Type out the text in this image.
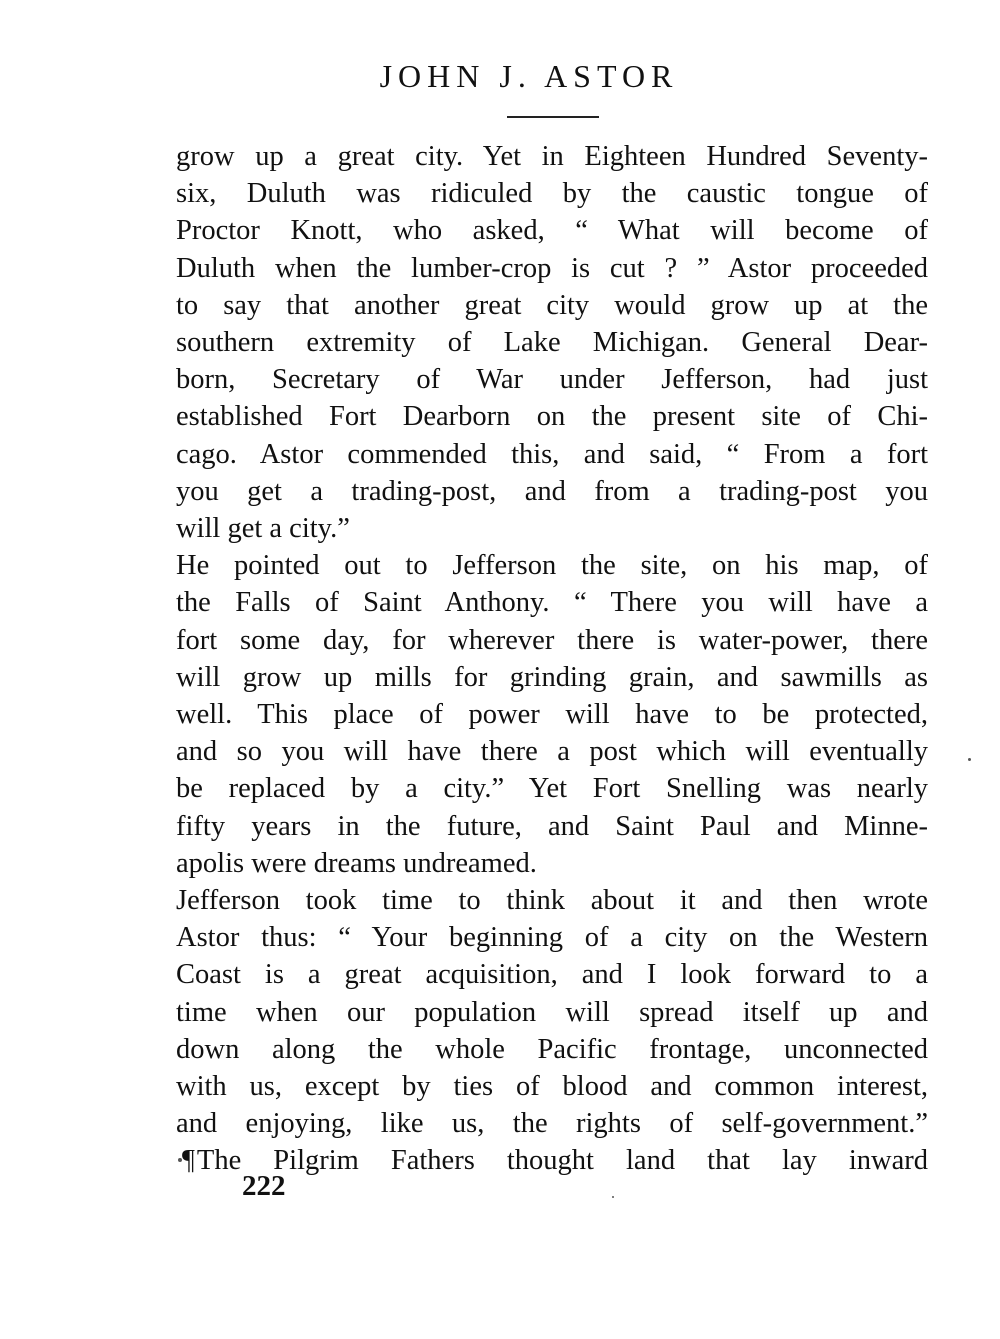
JOHN J. ASTOR
grow up a great city. Yet in Eighteen Hundred Seventy-
six, Duluth was ridiculed by the caustic tongue of
Proctor Knott, who asked, “ What will become of
Duluth when the lumber-crop is cut ? ” Astor proceeded
to say that another great city would grow up at the
southern extremity of Lake Michigan. General Dear-
born, Secretary of War under Jefferson, had just
established Fort Dearborn on the present site of Chi-
cago. Astor commended this, and said, “ From a fort
you get a trading-post, and from a trading-post you
will get a city.”
He pointed out to Jefferson the site, on his map, of
the Falls of Saint Anthony. “ There you will have a
fort some day, for wherever there is water-power, there
will grow up mills for grinding grain, and sawmills as
well. This place of power will have to be protected,
and so you will have there a post which will eventually
be replaced by a city.” Yet Fort Snelling was nearly
fifty years in the future, and Saint Paul and Minne-
apolis were dreams undreamed.
Jefferson took time to think about it and then wrote
Astor thus: “ Your beginning of a city on the Western
Coast is a great acquisition, and I look forward to a
time when our population will spread itself up and
down along the whole Pacific frontage, unconnected
with us, except by ties of blood and common interest,
and enjoying, like us, the rights of self-government.”
¶The Pilgrim Fathers thought land that lay inward
222
